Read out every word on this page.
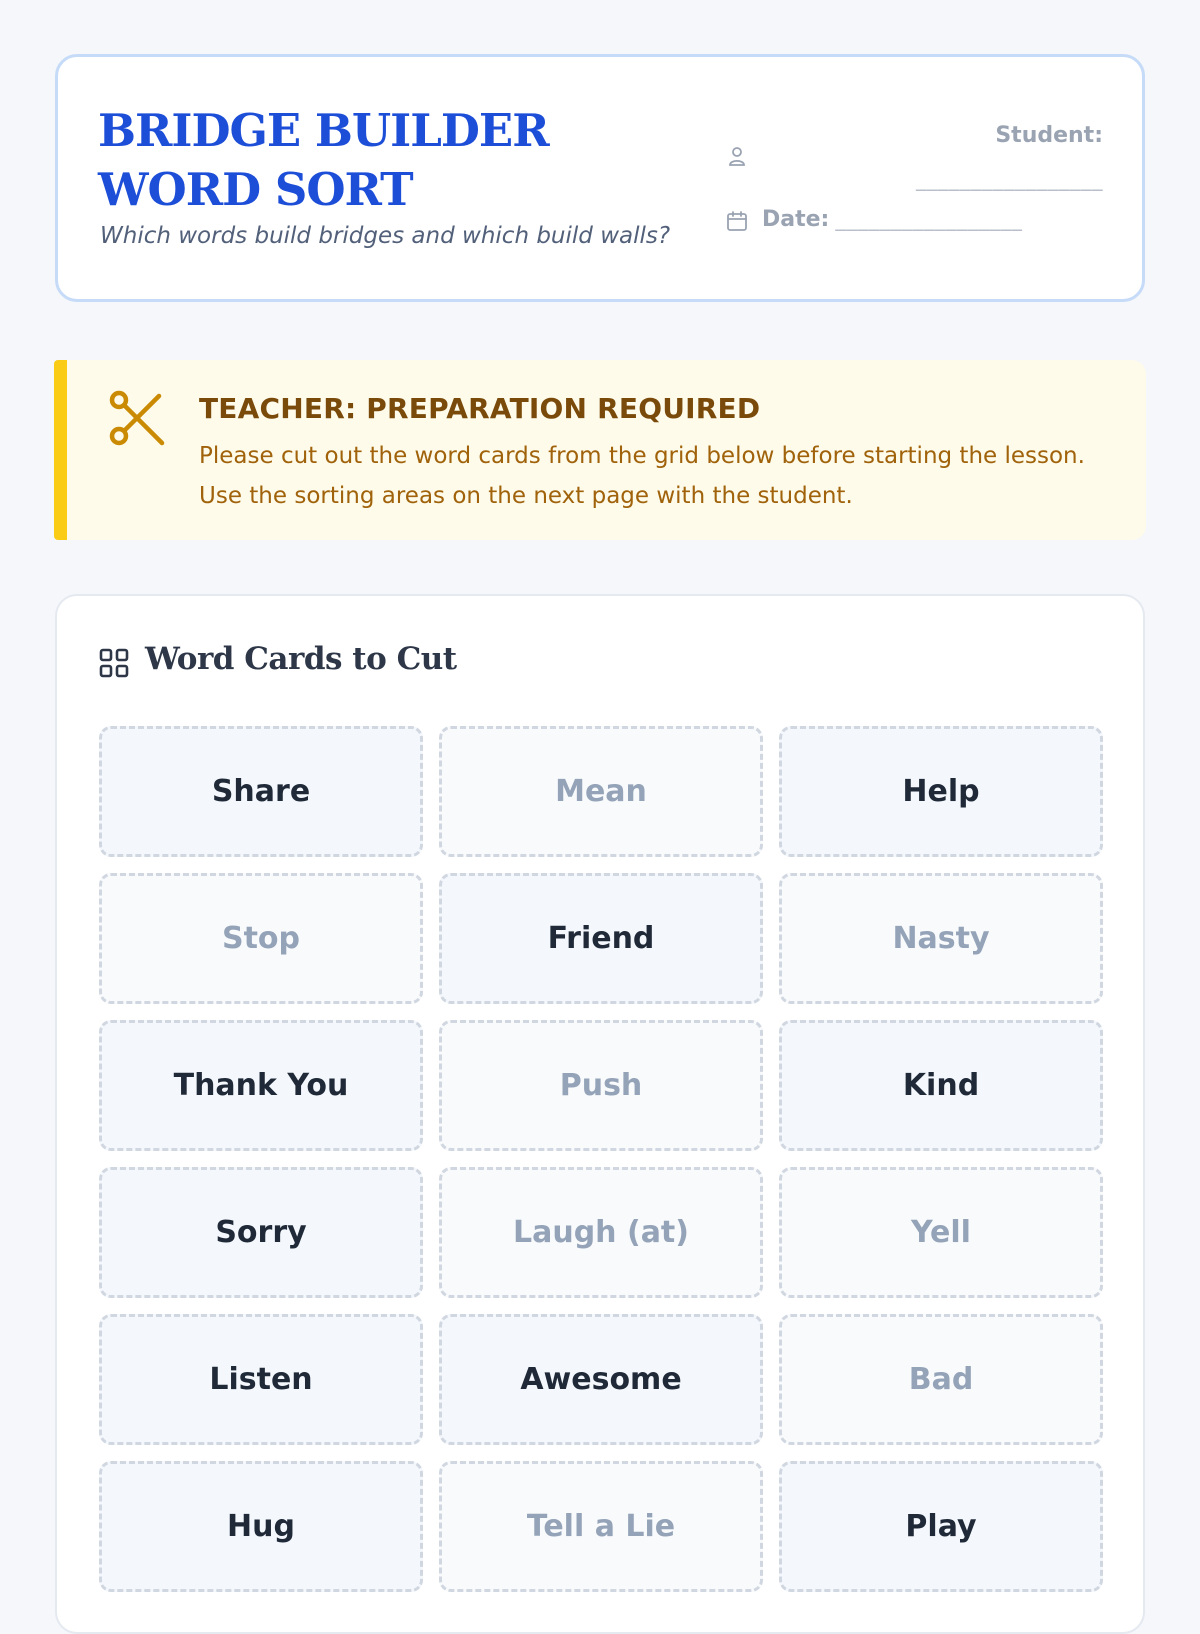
BRIDGE BUILDER WORD SORT

Which words build bridges and which build walls?

Student:
_________________
Date: _________________
TEACHER: PREPARATION REQUIRED

Please cut out the word cards from the grid below before starting the lesson. Use the sorting areas on the next page with the student.

Word Cards to Cut
Share	Mean	Help
Stop	Friend	Nasty
Thank You	Push	Kind
Sorry	Laugh (at)	Yell
Listen	Awesome	Bad
Hug	Tell a Lie	Play
